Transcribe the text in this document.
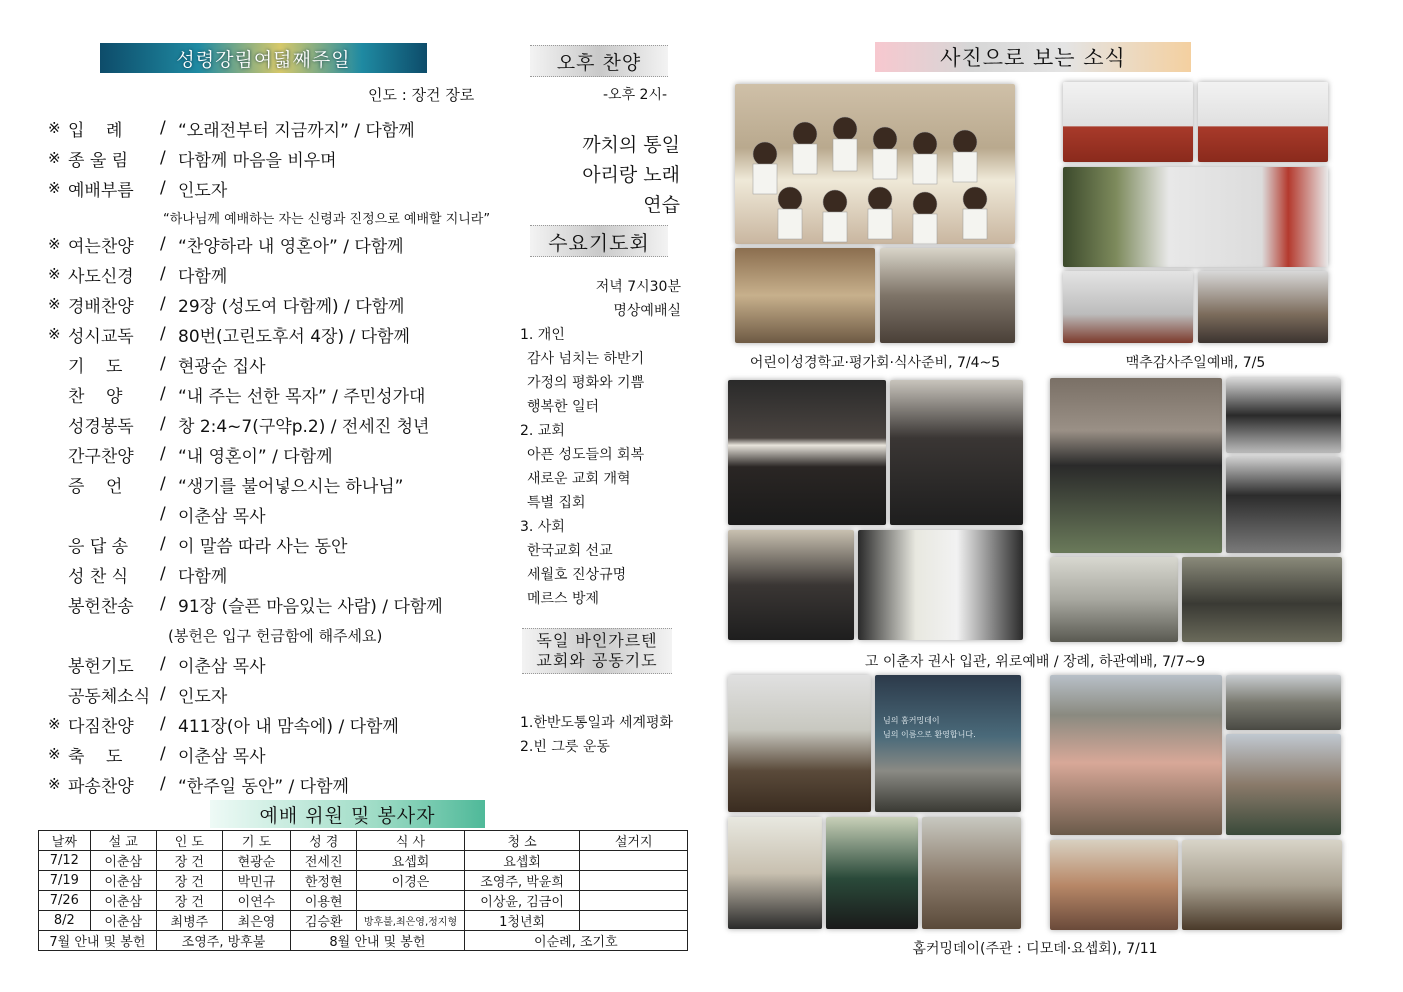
성령강림여덟째주일
인도 : 장건 장로
※ 입    례	/ “오래전부터 지금까지” / 다함께
※ 종 울 림	/ 다함께 마음을 비우며
※ 예배부름	/ 인도자
※ 여는찬양	/ “찬양하라 내 영혼아” / 다함께
※ 사도신경	/ 다함께
※ 경배찬양	/ 29장 (성도여 다함께) / 다함께
※ 성시교독	/ 80번(고린도후서 4장) / 다함께
기    도	/ 현광순 집사
찬    양	/ “내 주는 선한 목자” / 주민성가대
성경봉독	/ 창 2:4~7(구약p.2) / 전세진 청년
간구찬양	/ “내 영혼이” / 다함께
증    언	/ “생기를 불어넣으시는 하나님”
/ 이춘삼 목사
응 답 송	/ 이 말씀 따라 사는 동안
성 찬 식	/ 다함께
봉헌찬송	/ 91장 (슬픈 마음있는 사람) / 다함께
봉헌기도	/ 이춘삼 목사
공동체소식 / 인도자
※ 다짐찬양	/ 411장(아 내 맘속에) / 다함께
※ 축    도	/ 이춘삼 목사
※ 파송찬양	/ “한주일 동안” / 다함께
“하나님께 예배하는 자는 신령과 진정으로 예배할 지니라”
(봉헌은 입구 헌금함에 해주세요)
예배 위원 및 봉사자
날짜	설 교	인 도	기 도	성 경	식 사	청 소	설거지
7/12	이춘삼	장 건	현광순	전세진	요셉회	요셉회	
7/19	이춘삼	장 건	박민규	한정현	이경은	조영주, 박윤희	
7/26	이춘삼	장 건	이연수	이용현		이상윤, 김금이	
8/2	이춘삼	최병주	최은영	김승환	방후불,최은영,정지형	1청년회	
7월 안내 및 봉헌		조영주, 방후불		8월 안내 및 봉헌		이순례, 조기호	
오후 찬양
-오후 2시-
까치의 통일
아리랑 노래
연습
수요기도회
저녁 7시30분
명상예배실
1. 개인
감사 넘치는 하반기
가정의 평화와 기쁨
행복한 일터
2. 교회
아픈 성도들의 회복
새로운 교회 개혁
특별 집회
3. 사회
한국교회 선교
세월호 진상규명
메르스 방제
독일 바인가르텐
교회와 공동기도
1.한반도통일과 세계평화
2.빈 그릇 운동
사진으로 보는 소식
어린이성경학교·평가회·식사준비, 7/4~5	맥추감사주일예배, 7/5
고 이춘자 권사 입관, 위로예배 / 장례, 하관예배, 7/7~9
님의 홈커밍데이
님의 이름으로 환영합니다.
홈커밍데이(주관 : 디모데·요셉회), 7/11
